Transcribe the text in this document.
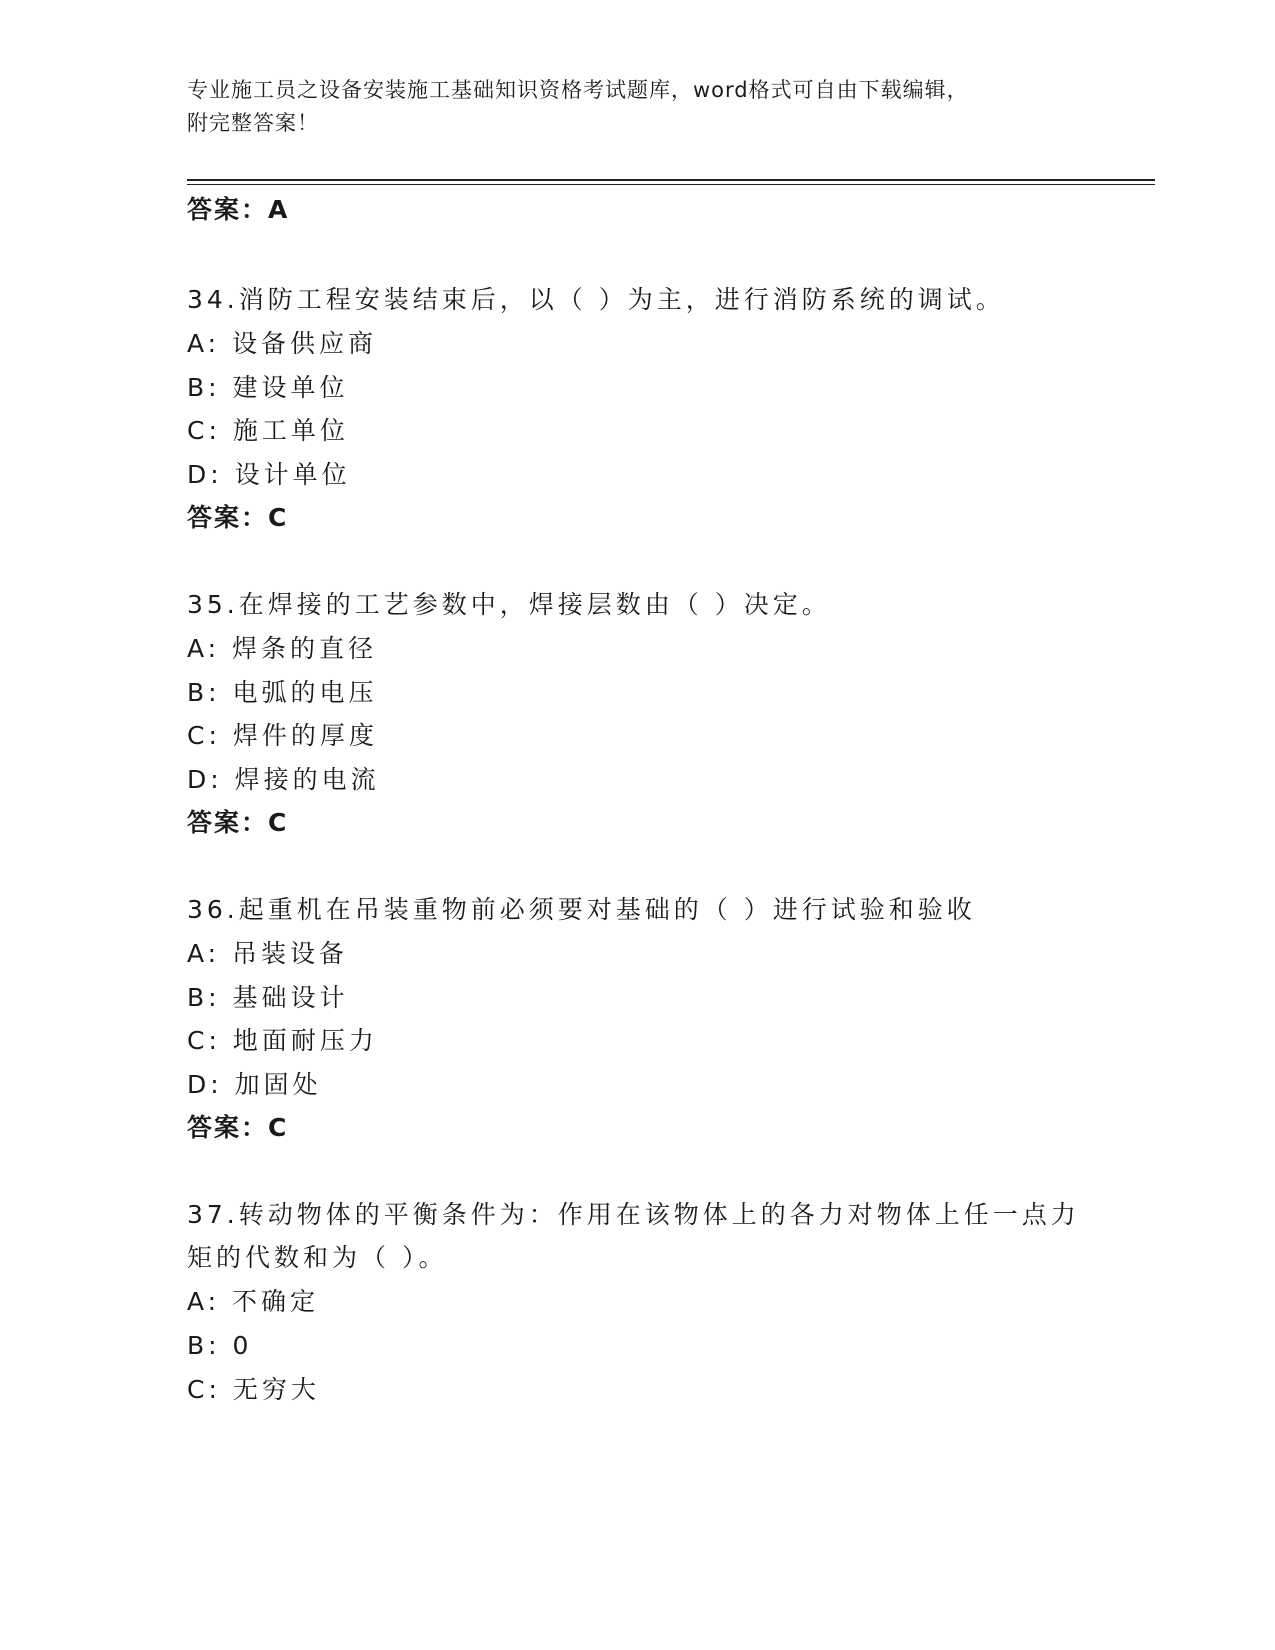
专业施工员之设备安装施工基础知识资格考试题库，word格式可自由下载编辑，
附完整答案！
答案：A
34.消防工程安装结束后，以（ ）为主，进行消防系统的调试。
A: 设备供应商
B: 建设单位
C: 施工单位
D: 设计单位
答案：C
35.在焊接的工艺参数中，焊接层数由（ ）决定。
A: 焊条的直径
B: 电弧的电压
C: 焊件的厚度
D: 焊接的电流
答案：C
36.起重机在吊装重物前必须要对基础的（ ）进行试验和验收
A: 吊装设备
B: 基础设计
C: 地面耐压力
D: 加固处
答案：C
37.转动物体的平衡条件为：作用在该物体上的各力对物体上任一点力
矩的代数和为（ ）。
A: 不确定
B: 0
C: 无穷大
